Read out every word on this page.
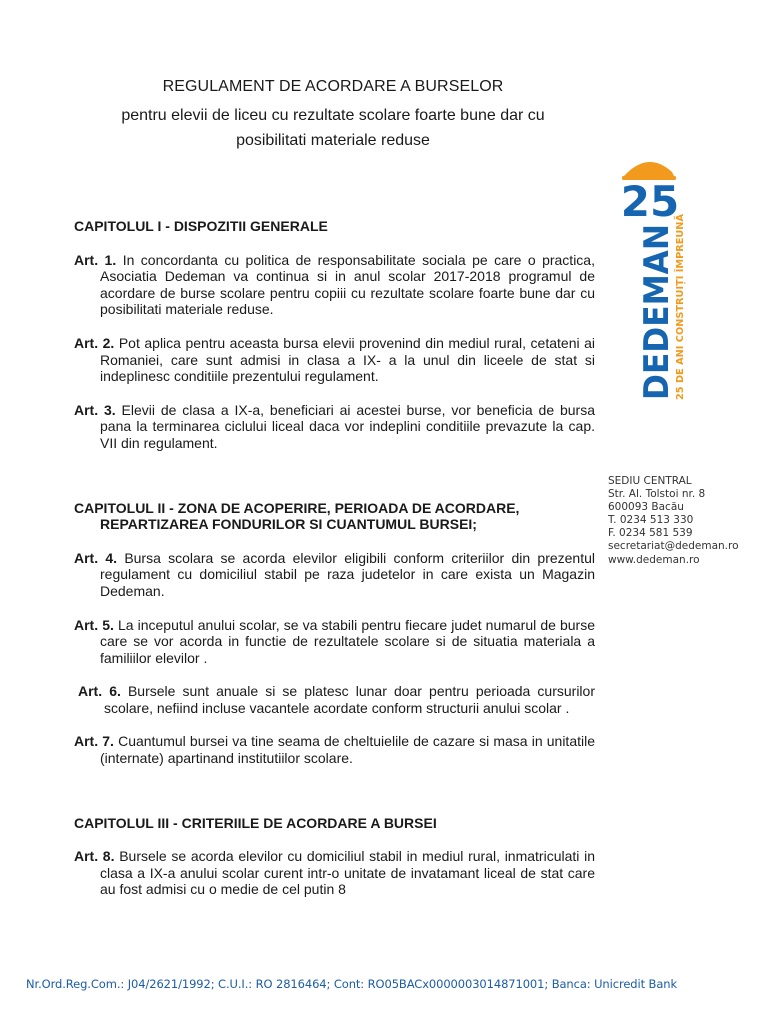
REGULAMENT DE ACORDARE A BURSELOR
pentru elevii de liceu cu rezultate scolare foarte bune dar cu
posibilitati materiale reduse
CAPITOLUL I - DISPOZITII GENERALE

Art. 1. In concordanta cu politica de responsabilitate sociala pe care o practica, Asociatia Dedeman va continua si in anul scolar 2017-2018 programul de acordare de burse scolare pentru copiii cu rezultate scolare foarte bune dar cu posibilitati materiale reduse.

Art. 2. Pot aplica pentru aceasta bursa elevii provenind din mediul rural, cetateni ai Romaniei, care sunt admisi in clasa a IX- a la unul din liceele de stat si indeplinesc conditiile prezentului regulament.

Art. 3. Elevii de clasa a IX-a, beneficiari ai acestei burse, vor beneficia de bursa pana la terminarea ciclului liceal daca vor indeplini conditiile prevazute la cap. VII din regulament.

CAPITOLUL II - ZONA DE ACOPERIRE, PERIOADA DE ACORDARE, REPARTIZAREA FONDURILOR SI CUANTUMUL BURSEI;

Art. 4. Bursa scolara se acorda elevilor eligibili conform criteriilor din prezentul regulament cu domiciliul stabil pe raza judetelor in care exista un Magazin Dedeman.

Art. 5. La inceputul anului scolar, se va stabili pentru fiecare judet numarul de burse care se vor acorda in functie de rezultatele scolare si de situatia materiala a familiilor elevilor .

Art. 6. Bursele sunt anuale si se platesc lunar doar pentru perioada cursurilor scolare, nefiind incluse vacantele acordate conform structurii anului scolar .

Art. 7. Cuantumul bursei va tine seama de cheltuielile de cazare si masa in unitatile (internate) apartinand institutiilor scolare.

CAPITOLUL III - CRITERIILE DE ACORDARE A BURSEI

Art. 8. Bursele se acorda elevilor cu domiciliul stabil in mediul rural, inmatriculati in clasa a IX-a anului scolar curent intr-o unitate de invatamant liceal de stat care au fost admisi cu o medie de cel putin 8

25
DEDEMAN
25 DE ANI CONSTRUIȚI ÎMPREUNĂ
SEDIU CENTRAL
Str. Al. Tolstoi nr. 8
600093 Bacău
T. 0234 513 330
F. 0234 581 539
secretariat@dedeman.ro
www.dedeman.ro
Nr.Ord.Reg.Com.: J04/2621/1992; C.U.I.: RO 2816464; Cont: RO05BACx0000003014871001; Banca: Unicredit Bank
